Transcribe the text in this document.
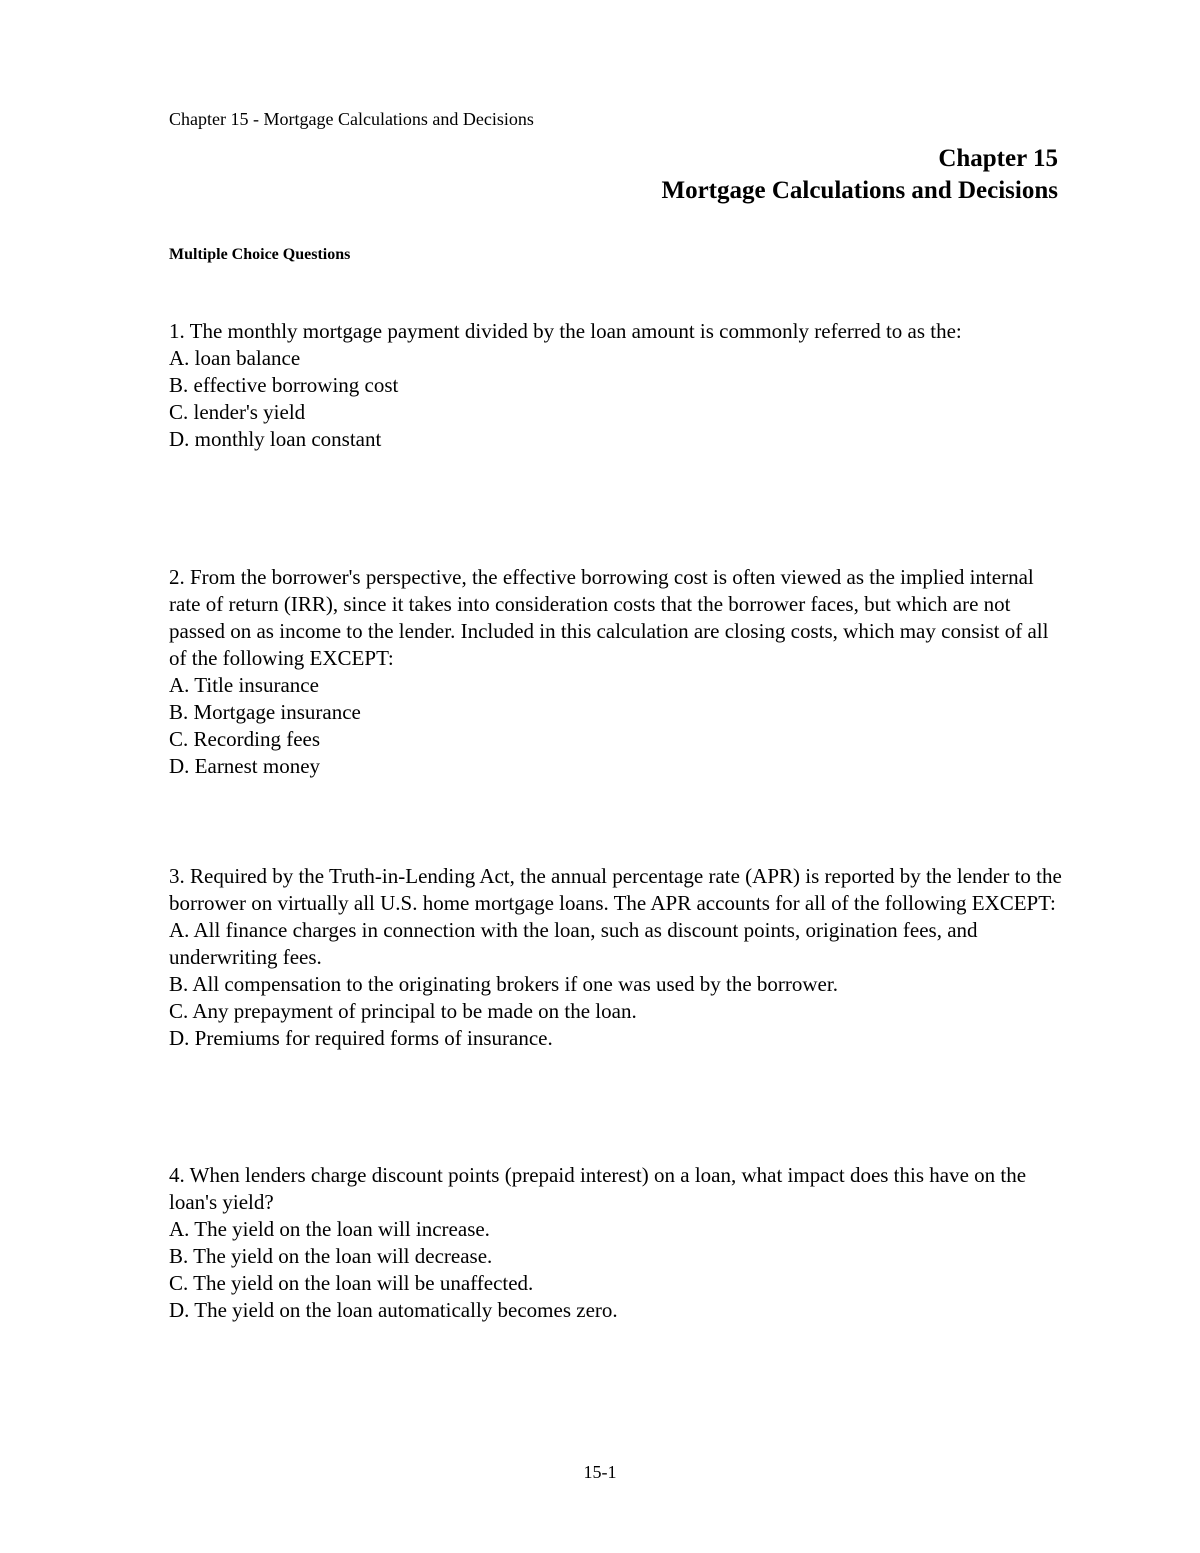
Chapter 15 - Mortgage Calculations and Decisions
Chapter 15
Mortgage Calculations and Decisions
Multiple Choice Questions

1. The monthly mortgage payment divided by the loan amount is commonly referred to as the:

A. loan balance

B. effective borrowing cost

C. lender's yield

D. monthly loan constant

2. From the borrower's perspective, the effective borrowing cost is often viewed as the implied internal rate of return (IRR), since it takes into consideration costs that the borrower faces, but which are not passed on as income to the lender. Included in this calculation are closing costs, which may consist of all of the following EXCEPT:

A. Title insurance

B. Mortgage insurance

C. Recording fees

D. Earnest money

3. Required by the Truth-in-Lending Act, the annual percentage rate (APR) is reported by the lender to the borrower on virtually all U.S. home mortgage loans. The APR accounts for all of the following EXCEPT:

A. All finance charges in connection with the loan, such as discount points, origination fees, and underwriting fees.

B. All compensation to the originating brokers if one was used by the borrower.

C. Any prepayment of principal to be made on the loan.

D. Premiums for required forms of insurance.

4. When lenders charge discount points (prepaid interest) on a loan, what impact does this have on the loan's yield?

A. The yield on the loan will increase.

B. The yield on the loan will decrease.

C. The yield on the loan will be unaffected.

D. The yield on the loan automatically becomes zero.

15-1
